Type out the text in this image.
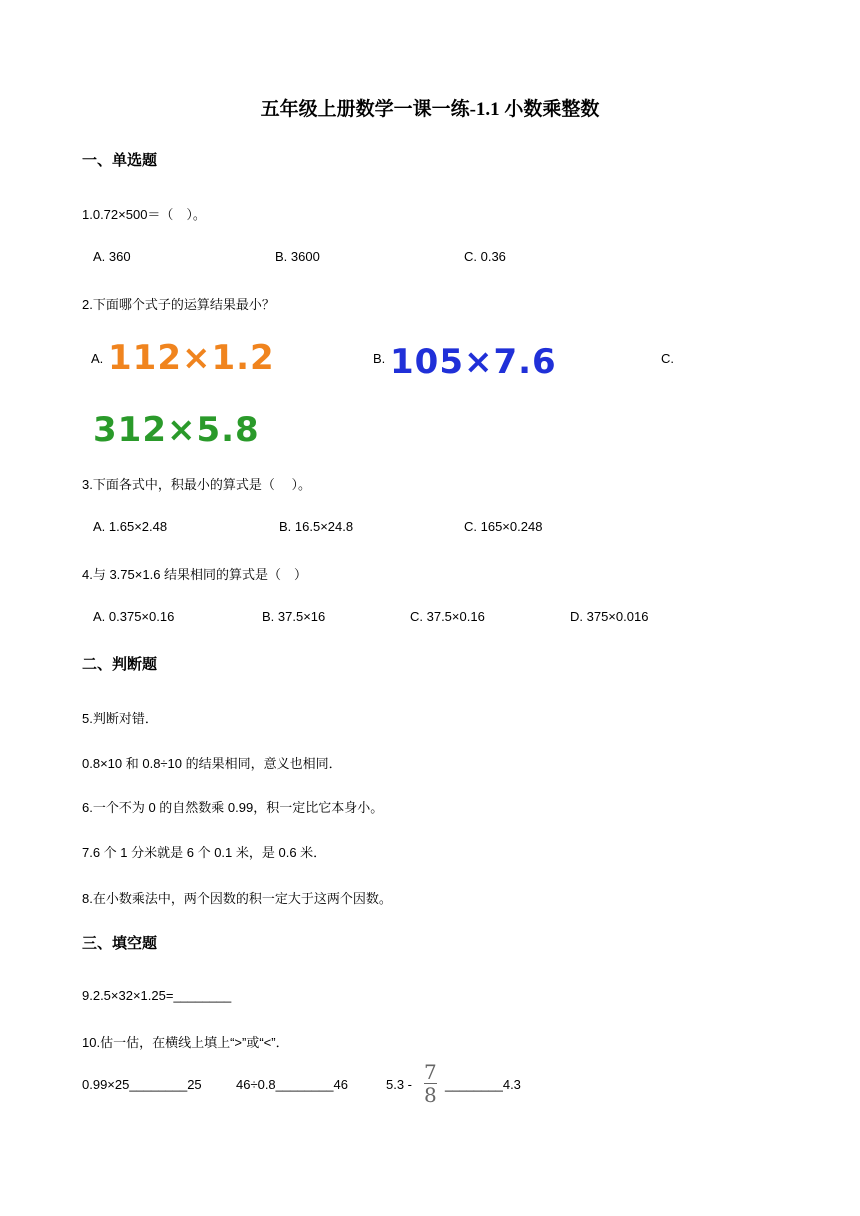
五年级上册数学一课一练-1.1 小数乘整数
一、单选题
1.0.72×500＝（　）。
A. 360	B. 3600	C. 0.36
2.下面哪个式子的运算结果最小？
A. 112×1.2	B. 105×7.6	C.
312×5.8
3.下面各式中，积最小的算式是（　 ）。
A. 1.65×2.48	B. 16.5×24.8	C. 165×0.248
4.与 3.75×1.6 结果相同的算式是（　）
A. 0.375×0.16	B. 37.5×16	C. 37.5×0.16	D. 375×0.016
二、判断题
5.判断对错．
0.8×10 和 0.8÷10 的结果相同，意义也相同．
6.一个不为 0 的自然数乘 0.99，积一定比它本身小。
7.6 个 1 分米就是 6 个 0.1 米，是 0.6 米．
8.在小数乘法中，两个因数的积一定大于这两个因数。
三、填空题
9.2.5×32×1.25=________
10.估一估，在横线上填上“>”或“<”．
0.99×25________25	46÷0.8________46	$5.3 - \frac{7}{8}$ ________4.3
